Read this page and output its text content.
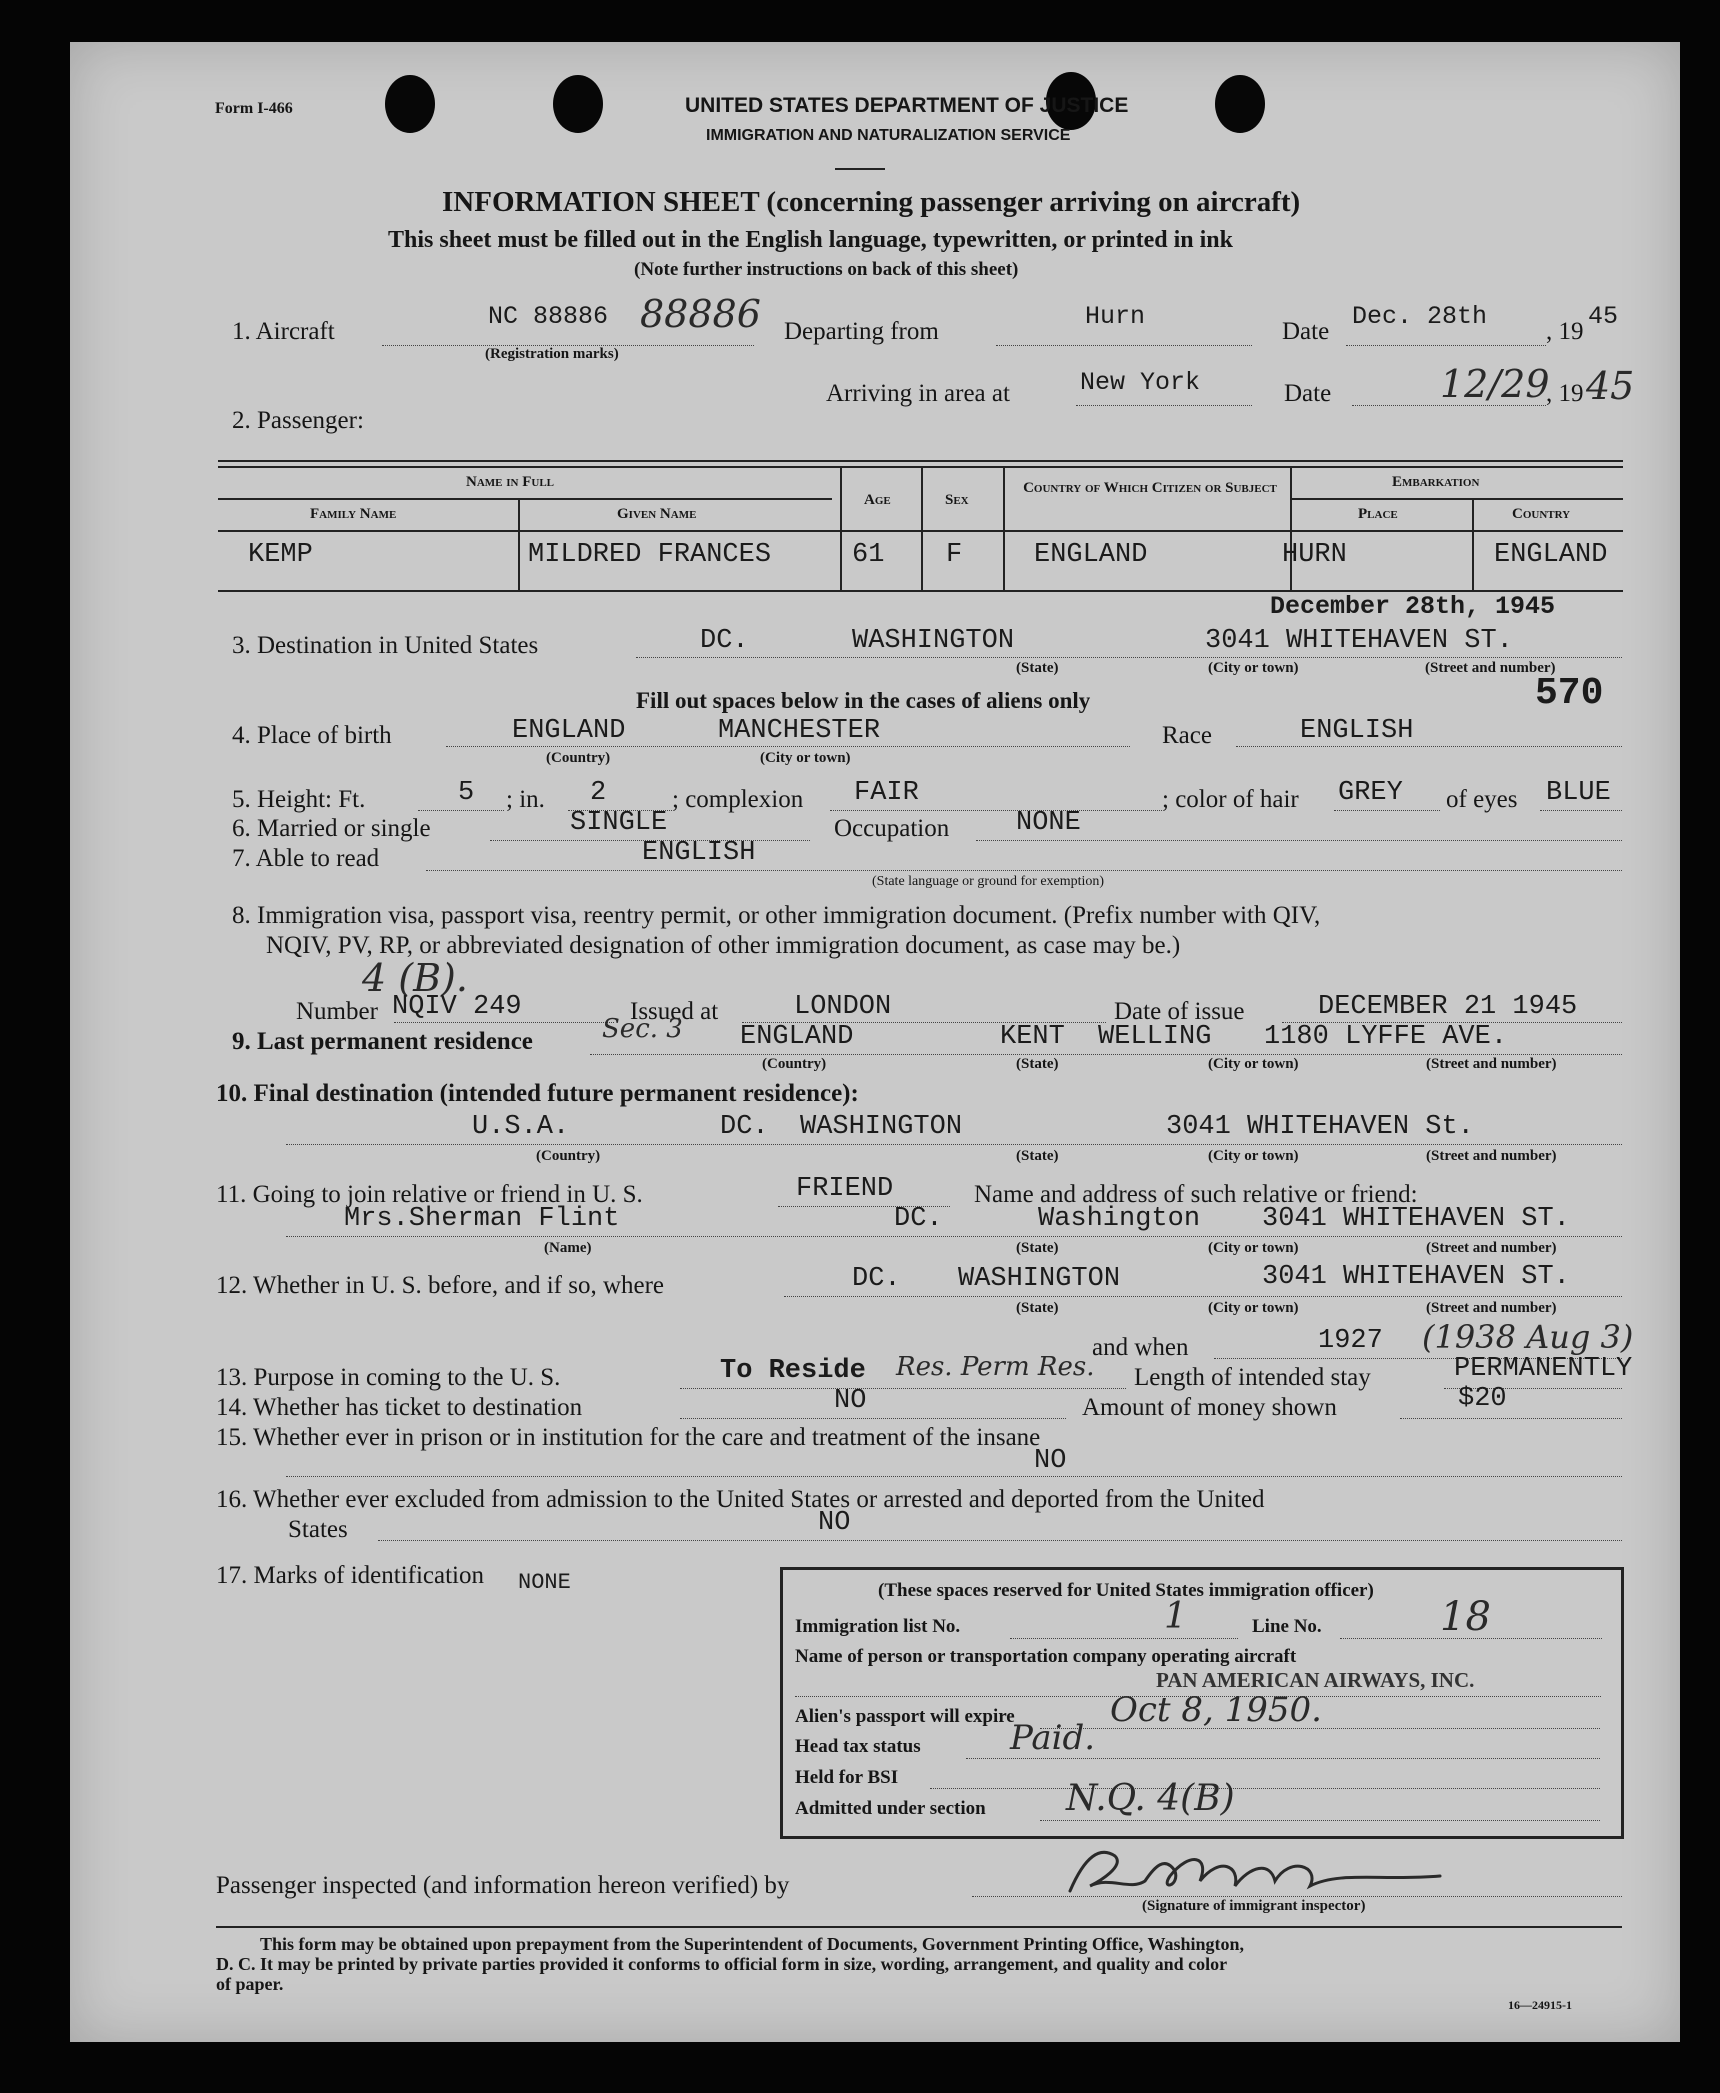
Form I-466	UNITED STATES DEPARTMENT OF JUSTICE
IMMIGRATION AND NATURALIZATION SERVICE
INFORMATION SHEET (concerning passenger arriving on aircraft)
This sheet must be filled out in the English language, typewritten, or printed in ink
(Note further instructions on back of this sheet)
1. Aircraft
NC 88886 88886
(Registration marks)
Departing from
Hurn
Date
Dec. 28th
, 19
45
Arriving in area at	New York	Date	12/29
, 19 45
2. Passenger:
Name in Full
Family Name	Given Name
Age	Sex
Country of Which Citizen or Subject	Embarkation
Place	Country
KEMP	MILDRED FRANCES	61 F	ENGLAND	HURN	ENGLAND
December 28th, 1945
3. Destination in United States	DC.	WASHINGTON	3041 WHITEHAVEN ST.
(State)	(City or town)	(Street and number)
Fill out spaces below in the cases of aliens only	570
4. Place of birth	ENGLAND	MANCHESTER
(Country)	(City or town)
Race	ENGLISH
5. Height: Ft.	5 ; in. 2	; complexion FAIR	; color of hair GREY of eyes BLUE
6. Married or single	SINGLE	Occupation NONE
7. Able to read	ENGLISH
(State language or ground for exemption)
8. Immigration visa, passport visa, reentry permit, or other immigration document. (Prefix number with QIV,
NQIV, PV, RP, or abbreviated designation of other immigration document, as case may be.)
4 (B).
Number NQIV 249	Issued at	LONDON	Date of issue	DECEMBER 21 1945
9. Last permanent residence	Sec. 3 ENGLAND	KENT WELLING 1180 LYFFE AVE.
(Country)	(State)	(City or town)	(Street and number)
10. Final destination (intended future permanent residence):
U.S.A.	DC. WASHINGTON	3041 WHITEHAVEN St.
(Country)	(State)	(City or town)	(Street and number)
11. Going to join relative or friend in U. S.	FRIEND	Name and address of such relative or friend:
Mrs.Sherman Flint	DC.	Washington 3041 WHITEHAVEN ST.
(Name)	(State)	(City or town)	(Street and number)
12. Whether in U. S. before, and if so, where	DC. WASHINGTON	3041 WHITEHAVEN ST.
(State)	(City or town)	(Street and number)
and when	1927 (1938 Aug 3)
13. Purpose in coming to the U. S.	To Reside Res. Perm Res. Length of intended stay	PERMANENTLY
14. Whether has ticket to destination	NO	Amount of money shown	$20
15. Whether ever in prison or in institution for the care and treatment of the insane
NO
16. Whether ever excluded from admission to the United States or arrested and deported from the United
States	NO
17. Marks of identification NONE	(These spaces reserved for United States immigration officer)
Immigration list No.	1	Line No.	18
Name of person or transportation company operating aircraft
PAN AMERICAN AIRWAYS, INC.
Alien's passport will expire	Oct 8, 1950.
Head tax status	Paid.
Held for BSI
Admitted under section N.Q. 4(B)
Passenger inspected (and information hereon verified) by
(Signature of immigrant inspector)
This form may be obtained upon prepayment from the Superintendent of Documents, Government Printing Office, Washington,
D. C. It may be printed by private parties provided it conforms to official form in size, wording, arrangement, and quality and color
of paper.
16—24915-1
